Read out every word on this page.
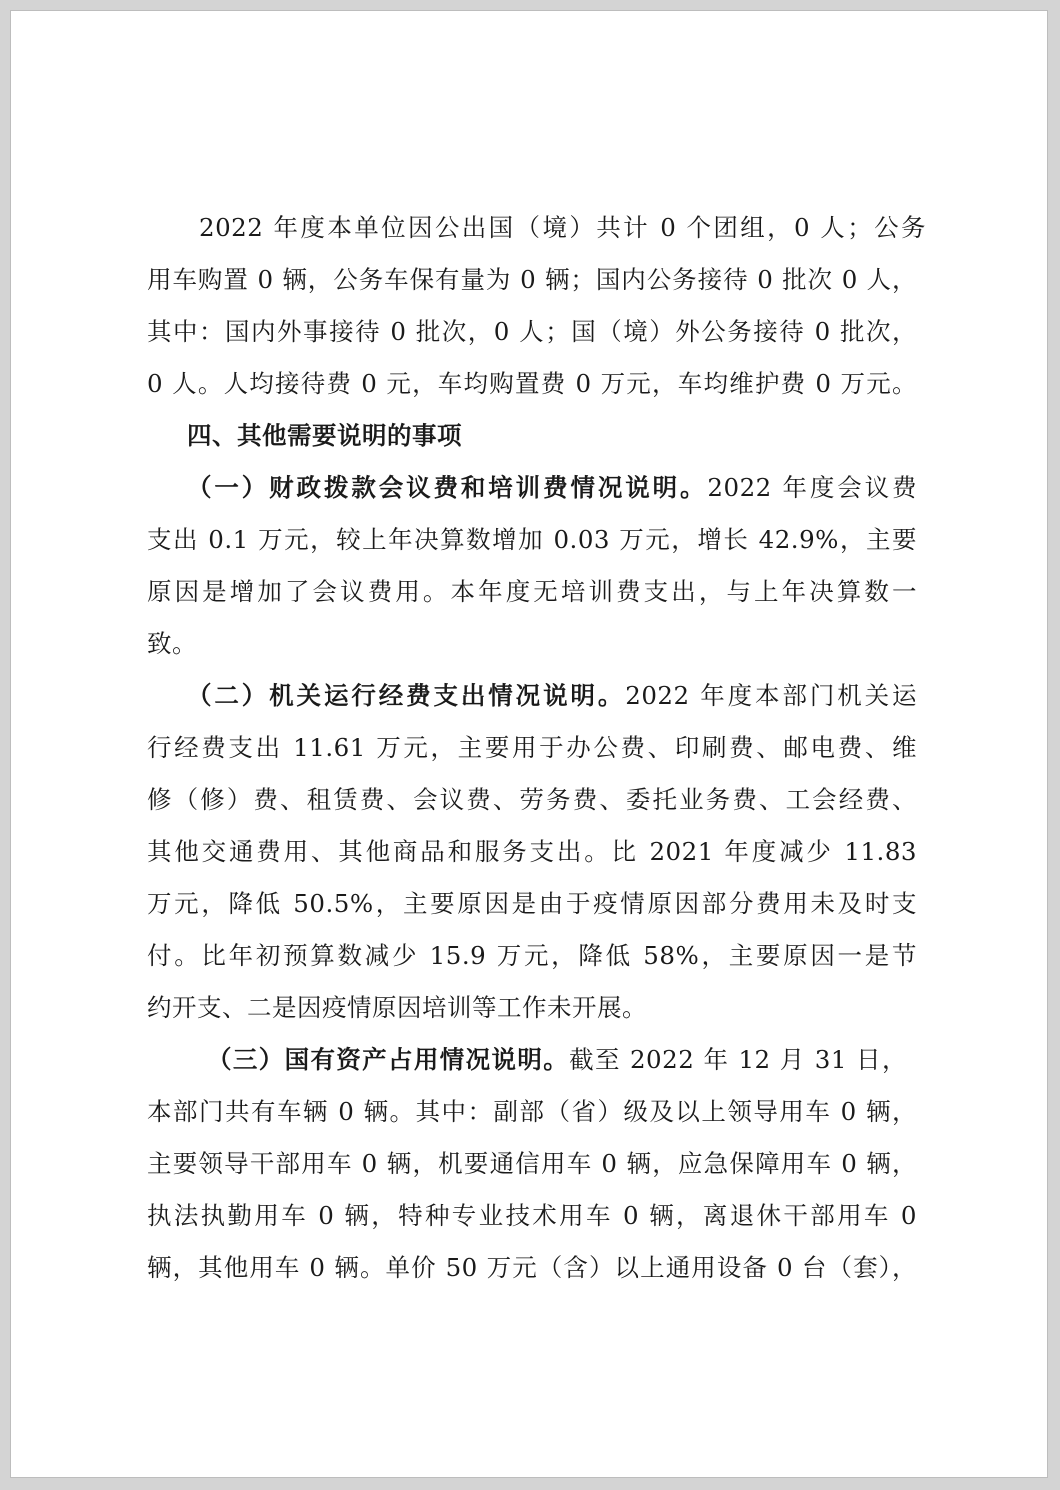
2022 年度本单位因公出国（境）共计 0 个团组，0 人；公务
用车购置 0 辆，公务车保有量为 0 辆；国内公务接待 0 批次 0 人，
其中：国内外事接待 0 批次，0 人；国（境）外公务接待 0 批次，
0 人。人均接待费 0 元，车均购置费 0 万元，车均维护费 0 万元。
四、其他需要说明的事项
（一）财政拨款会议费和培训费情况说明。2022 年度会议费
支出 0.1 万元，较上年决算数增加 0.03 万元，增长 42.9%，主要
原因是增加了会议费用。本年度无培训费支出，与上年决算数一
致。
（二）机关运行经费支出情况说明。2022 年度本部门机关运
行经费支出 11.61 万元，主要用于办公费、印刷费、邮电费、维
修（修）费、租赁费、会议费、劳务费、委托业务费、工会经费、
其他交通费用、其他商品和服务支出。比 2021 年度减少 11.83
万元，降低 50.5%，主要原因是由于疫情原因部分费用未及时支
付。比年初预算数减少 15.9 万元，降低 58%，主要原因一是节
约开支、二是因疫情原因培训等工作未开展。
（三）国有资产占用情况说明。截至 2022 年 12 月 31 日，
本部门共有车辆 0 辆。其中：副部（省）级及以上领导用车 0 辆，
主要领导干部用车 0 辆，机要通信用车 0 辆，应急保障用车 0 辆，
执法执勤用车 0 辆，特种专业技术用车 0 辆，离退休干部用车 0
辆，其他用车 0 辆。单价 50 万元（含）以上通用设备 0 台（套），
